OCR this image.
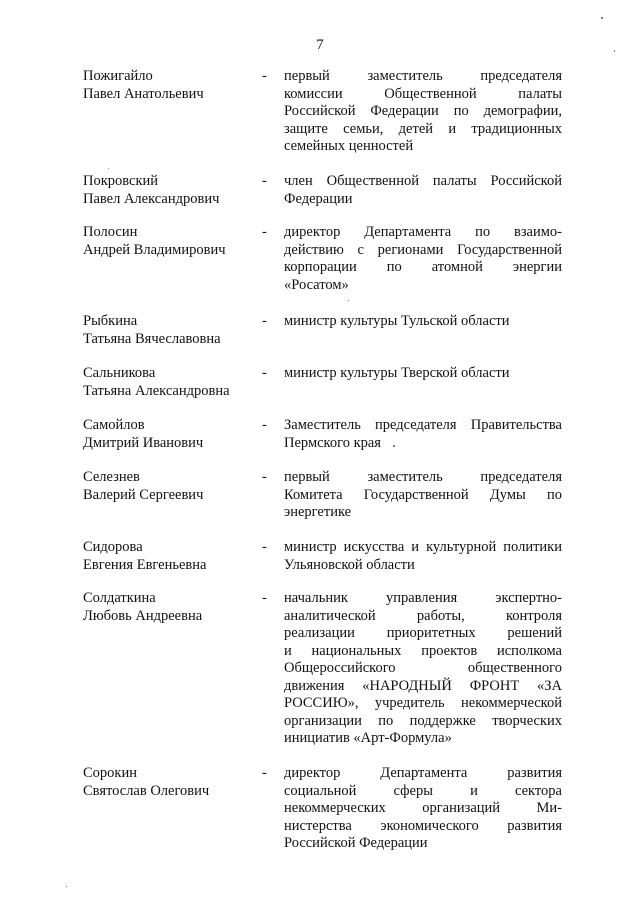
7
Пожигайло
Павел Анатольевич
- первый заместитель председателя
комиссии Общественной палаты
Российской Федерации по демографии,
защите семьи, детей и традиционных
семейных ценностей
Покровский
Павел Александрович
- член Общественной палаты Российской
Федерации
Полосин
Андрей Владимирович
- директор Департамента по взаимо-
действию с регионами Государственной
корпорации по атомной энергии
«Росатом»
Рыбкина
Татьяна Вячеславовна
- министр культуры Тульской области
Сальникова
Татьяна Александровна
- министр культуры Тверской области
Самойлов
Дмитрий Иванович
- Заместитель председателя Правительства
Пермского края
Селезнев
Валерий Сергеевич
- первый заместитель председателя
Комитета Государственной Думы по
энергетике
Сидорова
Евгения Евгеньевна
- министр искусства и культурной политики
Ульяновской области
Солдаткина
Любовь Андреевна
- начальник управления экспертно-
аналитической работы, контроля
реализации приоритетных решений
и национальных проектов исполкома
Общероссийского общественного
движения «НАРОДНЫЙ ФРОНТ «ЗА
РОССИЮ», учредитель некоммерческой
организации по поддержке творческих
инициатив «Арт-Формула»
Сорокин
Святослав Олегович
- директор Департамента развития
социальной сферы и сектора
некоммерческих организаций Ми-
нистерства экономического развития
Российской Федерации
